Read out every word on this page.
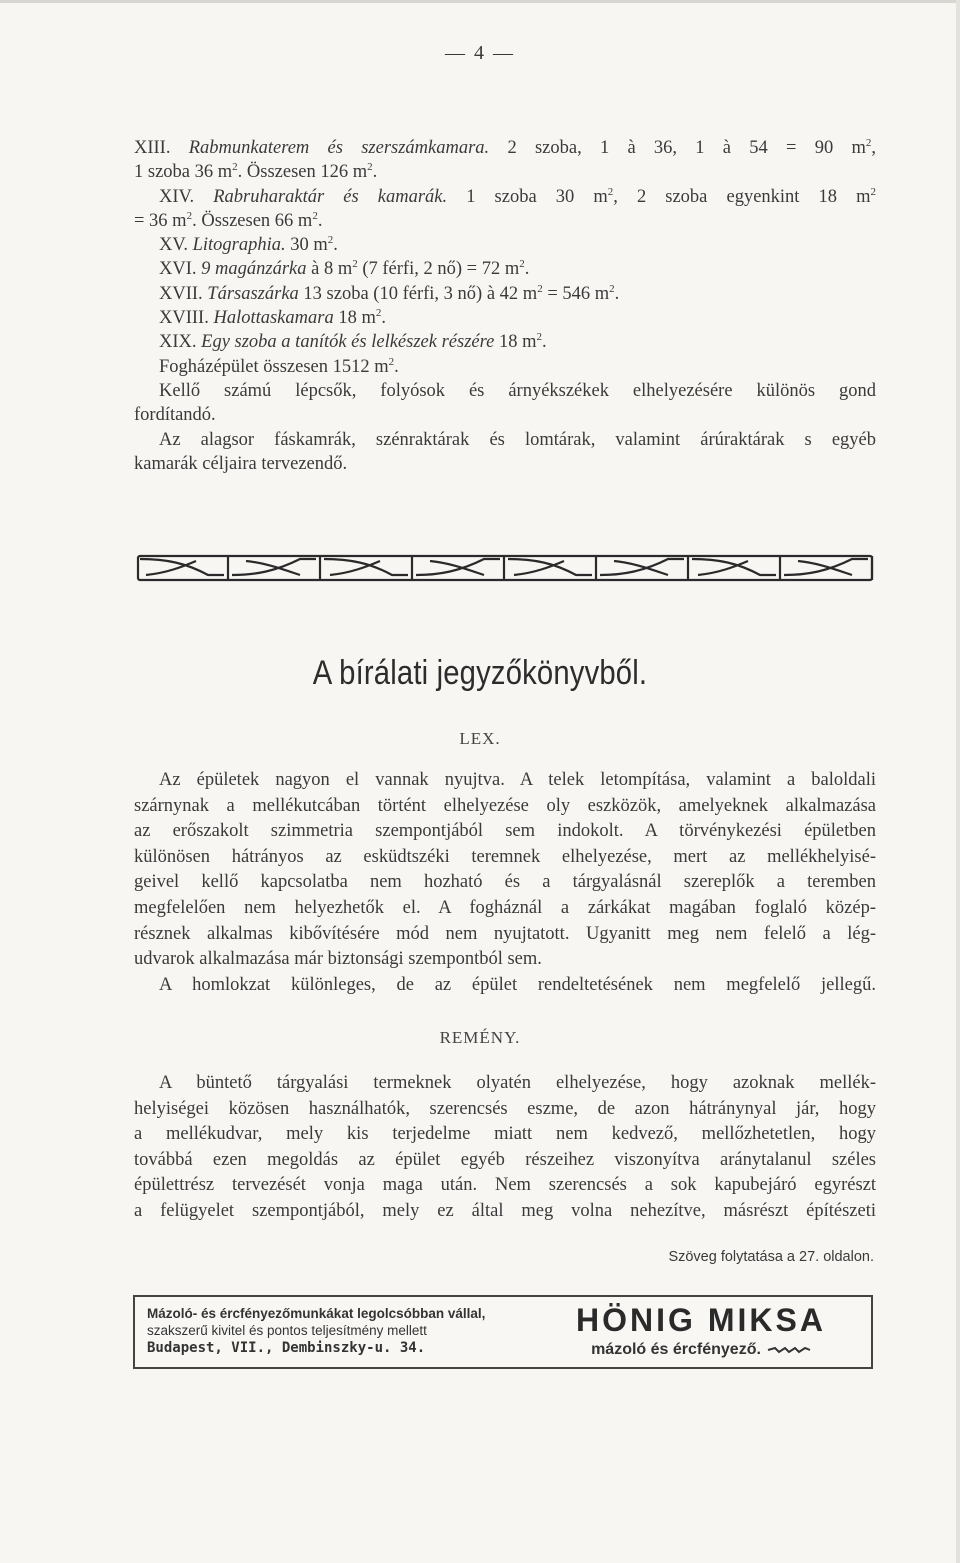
— 4 —
XIII. Rabmunkaterem és szerszámkamara. 2 szoba, 1 à 36, 1 à 54 = 90 $m^2$,
1 szoba 36 $m^2$. Összesen 126 $m^2$.
XIV. Rabruharaktár és kamarák. 1 szoba 30 $m^2$, 2 szoba egyenkint 18 $m^2$
= 36 $m^2$. Összesen 66 $m^2$.
XV. Litographia. 30 $m^2$.
XVI. 9 magánzárka à 8 $m^2$ (7 férfi, 2 nő) = 72 $m^2$.
XVII. Társaszárka 13 szoba (10 férfi, 3 nő) à 42 $m^2 = 546$ $m^2$.
XVIII. Halottaskamara 18 $m^2$.
XIX. Egy szoba a tanítók és lelkészek részére 18 $m^2$.
Fogházépület összesen 1512 $m^2$.
Kellő számú lépcsők, folyósok és árnyékszékek elhelyezésére különös gond
fordítandó.
Az alagsor fáskamrák, szénraktárak és lomtárak, valamint árúraktárak s egyéb
kamarák céljaira tervezendő.
A bírálati jegyzőkönyvből.
LEX.
Az épületek nagyon el vannak nyujtva. A telek letompítása, valamint a baloldali
szárnynak a mellékutcában történt elhelyezése oly eszközök, amelyeknek alkalmazása
az erőszakolt szimmetria szempontjából sem indokolt. A törvénykezési épületben
különösen hátrányos az esküdtszéki teremnek elhelyezése, mert az mellékhelyisé-
geivel kellő kapcsolatba nem hozható és a tárgyalásnál szereplők a teremben
megfelelően nem helyezhetők el. A fogháznál a zárkákat magában foglaló közép-
résznek alkalmas kibővítésére mód nem nyujtatott. Ugyanitt meg nem felelő a lég-
udvarok alkalmazása már biztonsági szempontból sem.
A homlokzat különleges, de az épület rendeltetésének nem megfelelő jellegű.
REMÉNY.
A büntető tárgyalási termeknek olyatén elhelyezése, hogy azoknak mellék-
helyiségei közösen használhatók, szerencsés eszme, de azon hátránynyal jár, hogy
a mellékudvar, mely kis terjedelme miatt nem kedvező, mellőzhetetlen, hogy
továbbá ezen megoldás az épület egyéb részeihez viszonyítva aránytalanul széles
épülettrész tervezését vonja maga után. Nem szerencsés a sok kapubejáró egyrészt
a felügyelet szempontjából, mely ez által meg volna nehezítve, másrészt építészeti
Szöveg folytatása a 27. oldalon.
Mázoló- és ércfényezőmunkákat legolcsóbban vállal,
szakszerű kivitel és pontos teljesítmény mellett
Budapest, VII., Dembinszky-u. 34.
HÖNIG MIKSA
mázoló és ércfényező.
